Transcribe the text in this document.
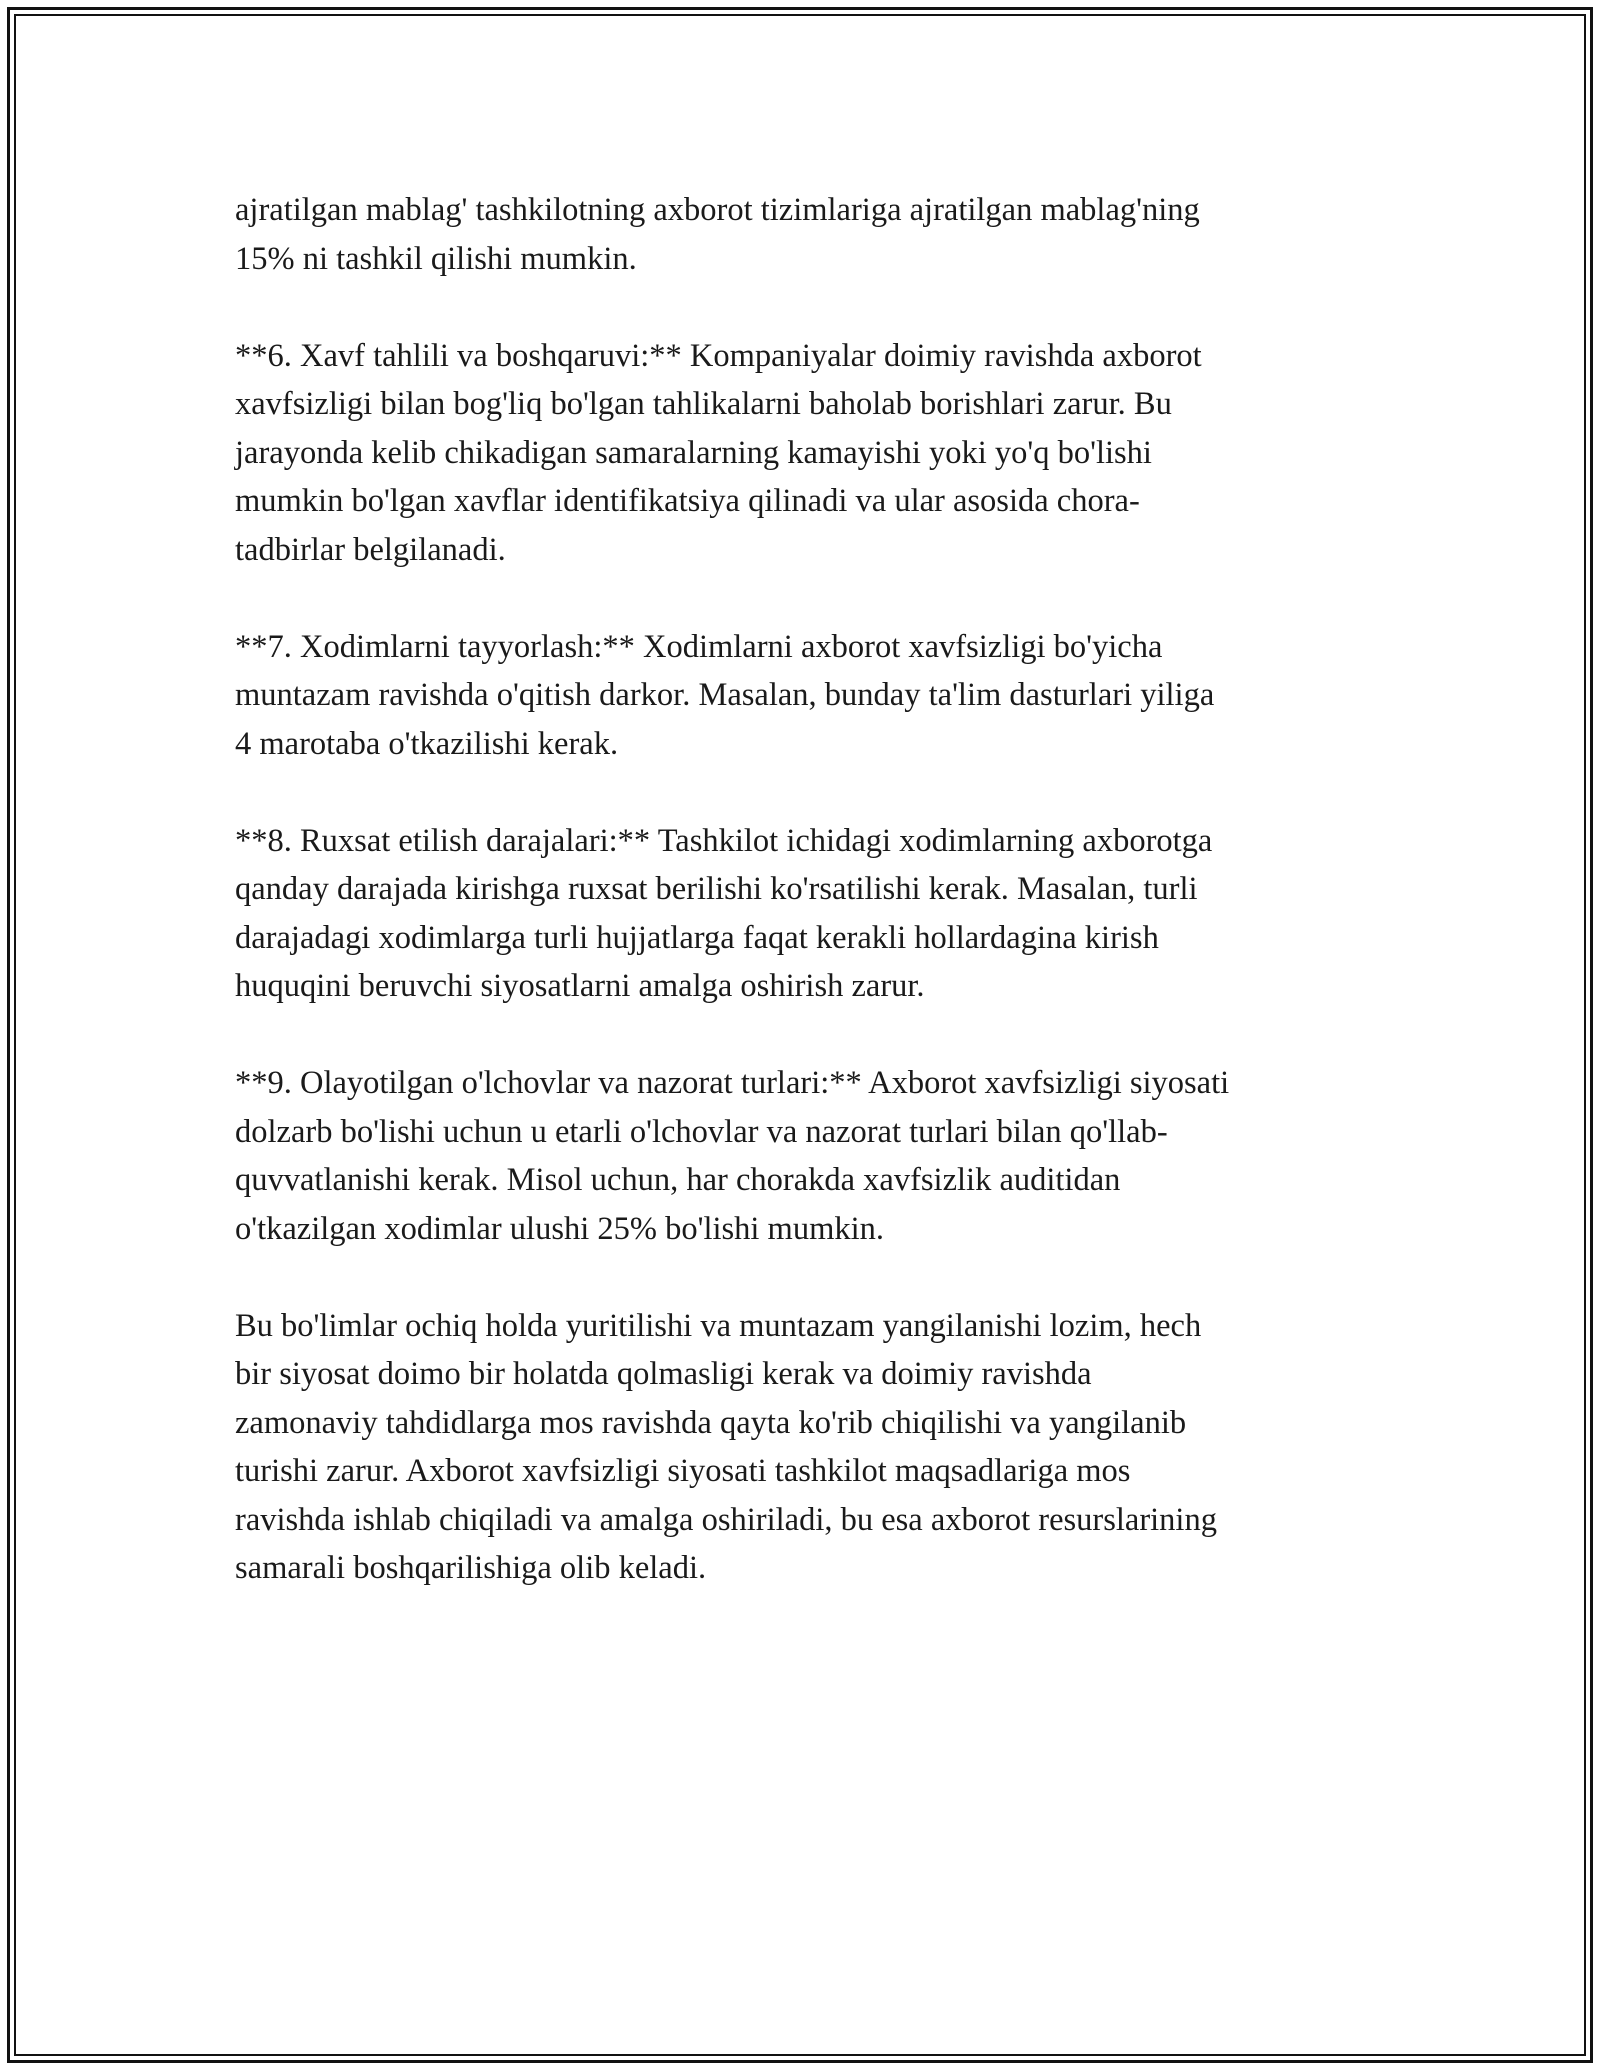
ajratilgan mablag' tashkilotning axborot tizimlariga ajratilgan mablag'ning
15% ni tashkil qilishi mumkin.

**6. Xavf tahlili va boshqaruvi:** Kompaniyalar doimiy ravishda axborot
xavfsizligi bilan bog'liq bo'lgan tahlikalarni baholab borishlari zarur. Bu
jarayonda kelib chikadigan samaralarning kamayishi yoki yo'q bo'lishi
mumkin bo'lgan xavflar identifikatsiya qilinadi va ular asosida chora-
tadbirlar belgilanadi.

**7. Xodimlarni tayyorlash:** Xodimlarni axborot xavfsizligi bo'yicha
muntazam ravishda o'qitish darkor. Masalan, bunday ta'lim dasturlari yiliga
4 marotaba o'tkazilishi kerak.

**8. Ruxsat etilish darajalari:** Tashkilot ichidagi xodimlarning axborotga
qanday darajada kirishga ruxsat berilishi ko'rsatilishi kerak. Masalan, turli
darajadagi xodimlarga turli hujjatlarga faqat kerakli hollardagina kirish
huquqini beruvchi siyosatlarni amalga oshirish zarur.

**9. Olayotilgan o'lchovlar va nazorat turlari:** Axborot xavfsizligi siyosati
dolzarb bo'lishi uchun u etarli o'lchovlar va nazorat turlari bilan qo'llab-
quvvatlanishi kerak. Misol uchun, har chorakda xavfsizlik auditidan
o'tkazilgan xodimlar ulushi 25% bo'lishi mumkin.

Bu bo'limlar ochiq holda yuritilishi va muntazam yangilanishi lozim, hech
bir siyosat doimo bir holatda qolmasligi kerak va doimiy ravishda
zamonaviy tahdidlarga mos ravishda qayta ko'rib chiqilishi va yangilanib
turishi zarur. Axborot xavfsizligi siyosati tashkilot maqsadlariga mos
ravishda ishlab chiqiladi va amalga oshiriladi, bu esa axborot resurslarining
samarali boshqarilishiga olib keladi.
